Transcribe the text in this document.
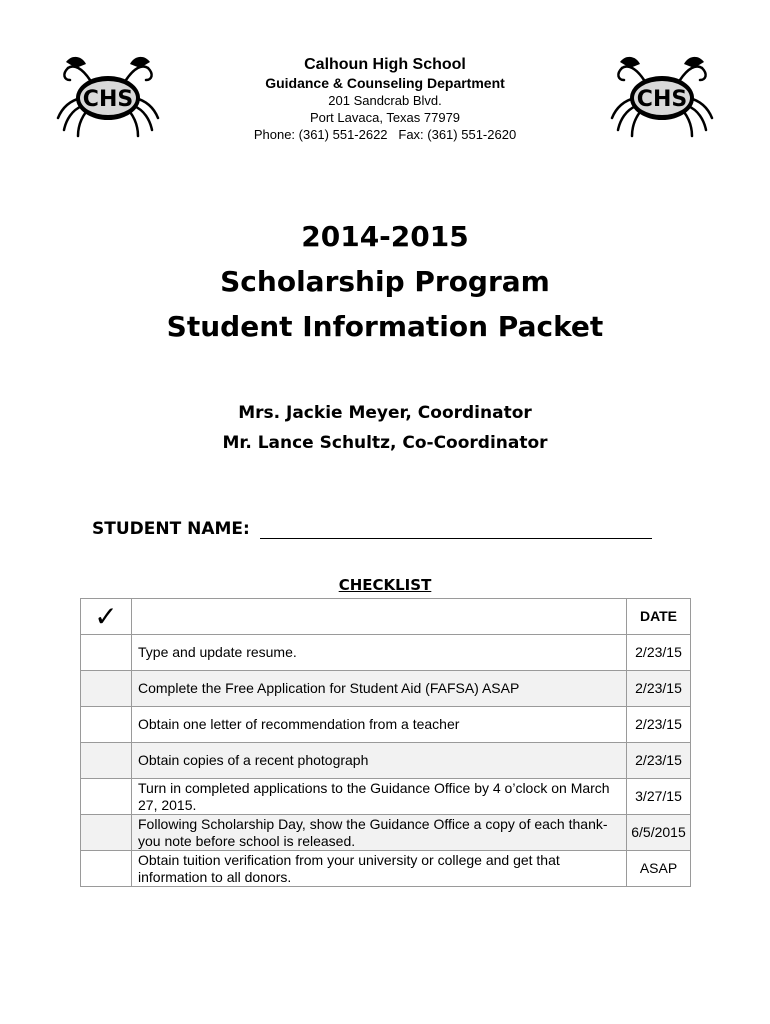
CHS	CHS
Calhoun High School
Guidance & Counseling Department
201 Sandcrab Blvd.
Port Lavaca, Texas 77979
Phone: (361) 551-2622   Fax: (361) 551-2620
2014-2015
Scholarship Program
Student Information Packet
Mrs. Jackie Meyer, Coordinator
Mr. Lance Schultz, Co-Coordinator
STUDENT NAME:
CHECKLIST
✓		DATE
	Type and update resume.	2/23/15
	Complete the Free Application for Student Aid (FAFSA) ASAP	2/23/15
	Obtain one letter of recommendation from a teacher	2/23/15
	Obtain copies of a recent photograph	2/23/15
	Turn in completed applications to the Guidance Office by 4 o’clock on March 27, 2015.	3/27/15
	Following Scholarship Day, show the Guidance Office a copy of each thank-you note before school is released.	6/5/2015
	Obtain tuition verification from your university or college and get that information to all donors.	ASAP
